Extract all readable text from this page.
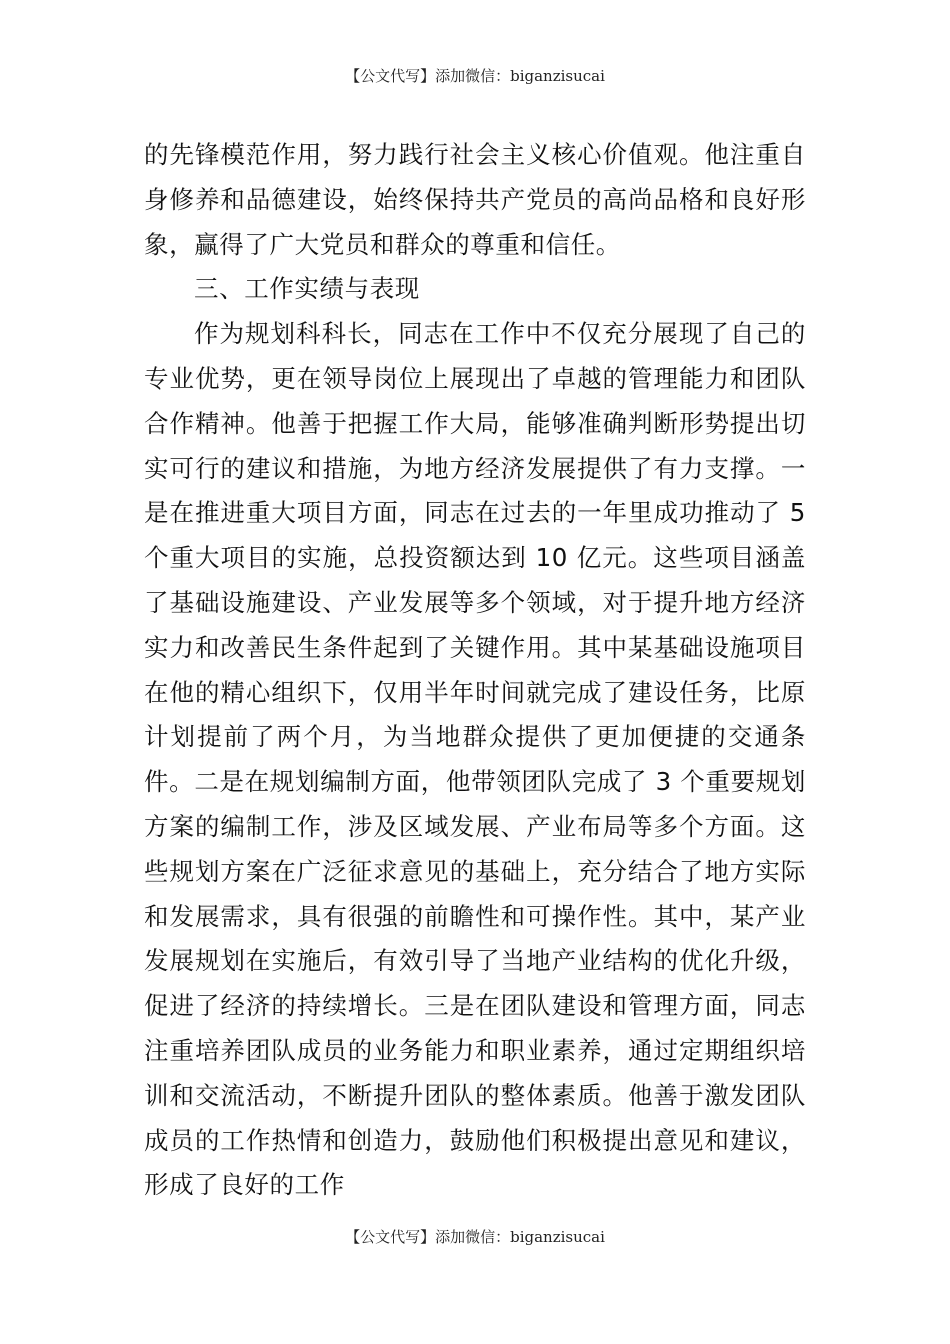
【公文代写】添加微信：biganzisucai

的先锋模范作用，努力践行社会主义核心价值观。他注重自身修养和品德建设，始终保持共产党员的高尚品格和良好形象，赢得了广大党员和群众的尊重和信任。

三、工作实绩与表现

作为规划科科长，同志在工作中不仅充分展现了自己的专业优势，更在领导岗位上展现出了卓越的管理能力和团队合作精神。他善于把握工作大局，能够准确判断形势提出切实可行的建议和措施，为地方经济发展提供了有力支撑。一是在推进重大项目方面，同志在过去的一年里成功推动了 5 个重大项目的实施，总投资额达到 10 亿元。这些项目涵盖了基础设施建设、产业发展等多个领域，对于提升地方经济实力和改善民生条件起到了关键作用。其中某基础设施项目在他的精心组织下，仅用半年时间就完成了建设任务，比原计划提前了两个月，为当地群众提供了更加便捷的交通条件。二是在规划编制方面，他带领团队完成了 3 个重要规划方案的编制工作，涉及区域发展、产业布局等多个方面。这些规划方案在广泛征求意见的基础上，充分结合了地方实际和发展需求，具有很强的前瞻性和可操作性。其中，某产业发展规划在实施后，有效引导了当地产业结构的优化升级，促进了经济的持续增长。三是在团队建设和管理方面，同志注重培养团队成员的业务能力和职业素养，通过定期组织培训和交流活动，不断提升团队的整体素质。他善于激发团队成员的工作热情和创造力，鼓励他们积极提出意见和建议，形成了良好的工作

【公文代写】添加微信：biganzisucai
